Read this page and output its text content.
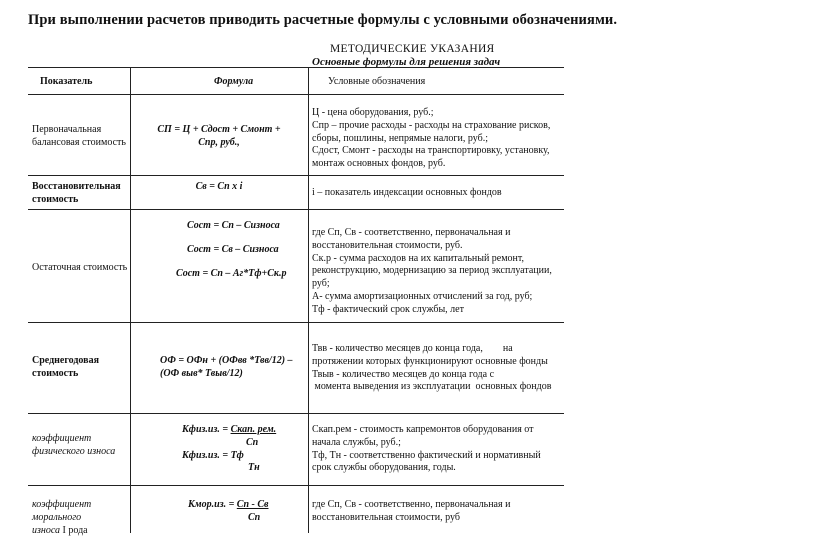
При выполнении расчетов приводить расчетные формулы с условными обозначениями.
МЕТОДИЧЕСКИЕ УКАЗАНИЯ
Основные формулы для решения задач
Показатель	Формула	Условные обозначения
Первоначальная балансовая стоимость
СП = Ц + Сдост + Смонт +
Спр, руб.,
Ц - цена оборудования, руб.;
Спр – прочие расходы - расходы на страхование рисков,
сборы, пошлины, непрямые налоги, руб.;
Сдост, Смонт - расходы на транспортировку, установку,
монтаж основных фондов, руб.
Восстановительная стоимость
Св = Сп х i
i – показатель индексации основных фондов
Остаточная стоимость
Сост = Сп – Сизноса
Сост = Св – Сизноса
Сост = Сп – Аг*Тф+Ск.р
где Сп, Св - соответственно, первоначальная и
восстановительная стоимости, руб.
Ск.р - сумма расходов на их капитальный ремонт,
реконструкцию, модернизацию за период эксплуатации,
руб;
А- сумма амортизационных отчислений за год, руб;
Тф - фактический срок службы, лет
Среднегодовая стоимость
ОФ = ОФн + (ОФвв *Твв/12) –
(ОФ выв* Твыв/12)
Твв - количество месяцев до конца года,        на
протяжении которых функционируют основные фонды
Твыв - количество месяцев до конца года с
момента выведения из эксплуатации  основных фондов
коэффициент физического износа
Кфиз.из. = Скап. рем.
Сп
Кфиз.из. = Тф
Тн
Скап.рем - стоимость капремонтов оборудования от
начала службы, руб.;
Тф, Тн - соответственно фактический и нормативный
срок службы оборудования, годы.
коэффициент морального
износа I рода
Кмор.из. = Сп - Св
Сп
где Сп, Св - соответственно, первоначальная и
восстановительная стоимости, руб
